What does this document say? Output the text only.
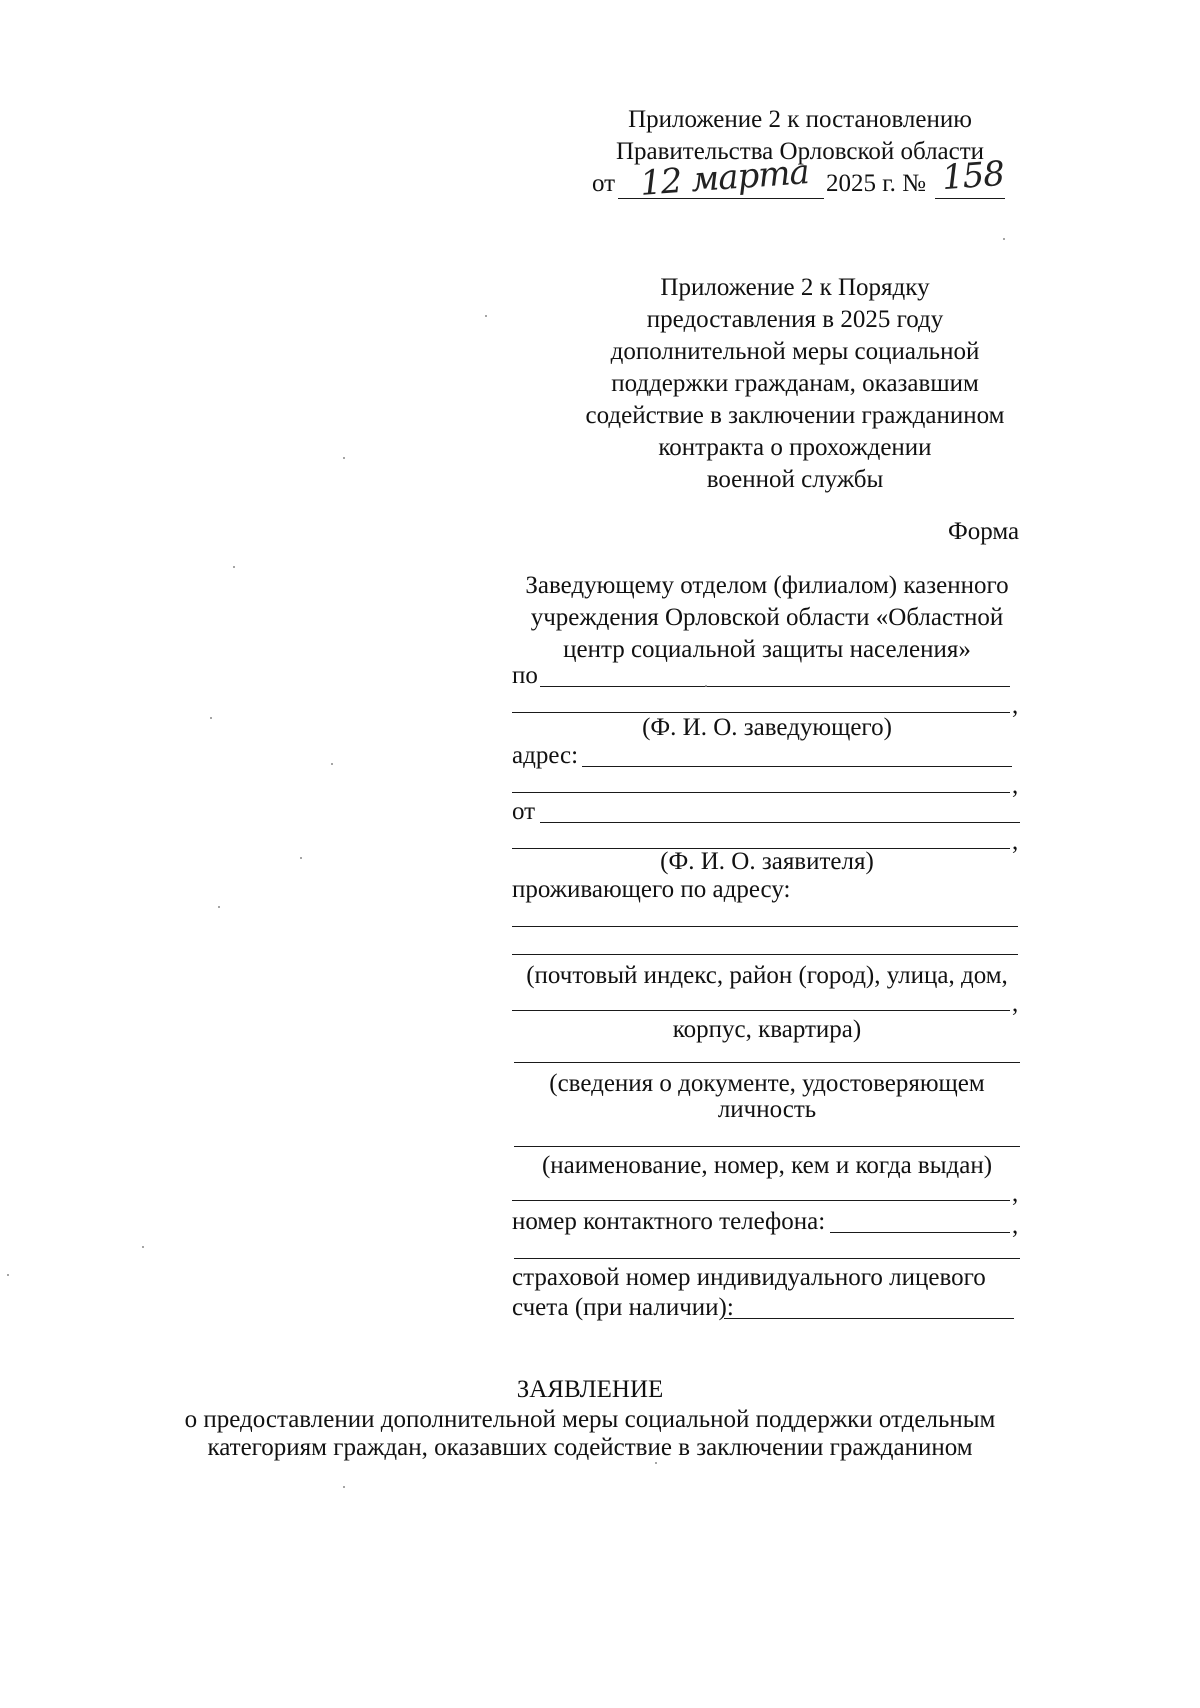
Приложение 2 к постановлению
Правительства Орловской области
от 12 марта 2025 г. № 158
Приложение 2 к Порядку
предоставления в 2025 году
дополнительной меры социальной
поддержки гражданам, оказавшим
содействие в заключении гражданином
контракта о прохождении
военной службы
Форма
Заведующему отделом (филиалом) казенного
учреждения Орловской области «Областной
центр социальной защиты населения»
по
,
(Ф. И. О. заведующего)
адрес:
,
от
,
(Ф. И. О. заявителя)
проживающего по адресу:
(почтовый индекс, район (город), улица, дом,
,
корпус, квартира)
(сведения о документе, удостоверяющем
личность
(наименование, номер, кем и когда выдан)
,
номер контактного телефона:	,
страховой номер индивидуального лицевого
счета (при наличии):
ЗАЯВЛЕНИЕ
о предоставлении дополнительной меры социальной поддержки отдельным
категориям граждан, оказавших содействие в заключении гражданином
